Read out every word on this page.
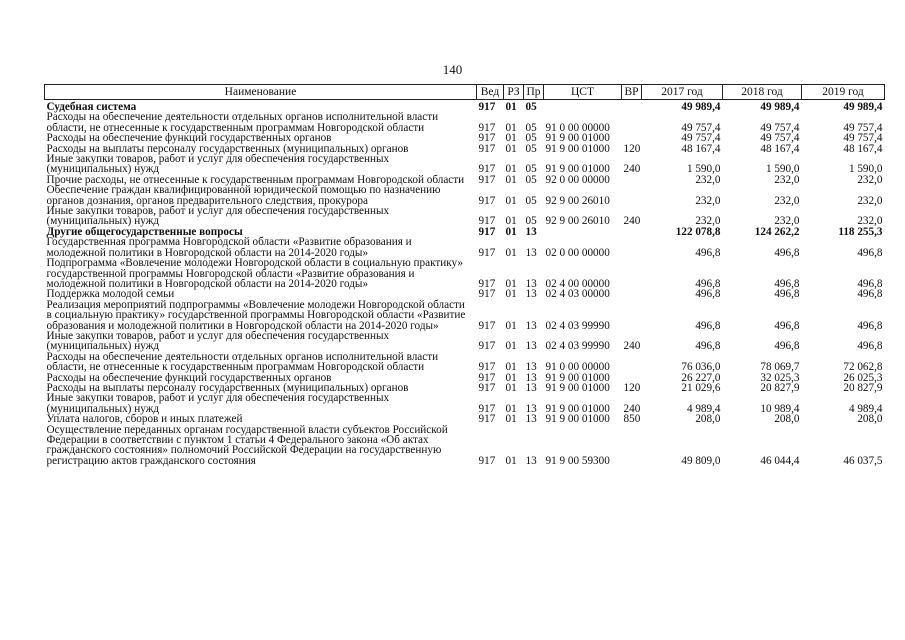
140
Наименование	Вед	РЗ	Пр	ЦСТ	ВР	2017 год	2018 год	2019 год
Судебная система	917	01	05			49 989,4	49 989,4	49 989,4
Расходы на обеспечение деятельности отдельных органов исполнительной власти области, не отнесенные к государственным программам Новгородской области	917	01	05	91 0 00 00000		49 757,4	49 757,4	49 757,4
Расходы на обеспечение функций государственных органов	917	01	05	91 9 00 01000		49 757,4	49 757,4	49 757,4
Расходы на выплаты персоналу государственных (муниципальных) органов	917	01	05	91 9 00 01000	120	48 167,4	48 167,4	48 167,4
Иные закупки товаров, работ и услуг для обеспечения государственных (муниципальных) нужд	917	01	05	91 9 00 01000	240	1 590,0	1 590,0	1 590,0
Прочие расходы, не отнесенные к государственным программам Новгородской области	917	01	05	92 0 00 00000		232,0	232,0	232,0
Обеспечение граждан квалифицированной юридической помощью по назначению органов дознания, органов предварительного следствия, прокурора	917	01	05	92 9 00 26010		232,0	232,0	232,0
Иные закупки товаров, работ и услуг для обеспечения государственных (муниципальных) нужд	917	01	05	92 9 00 26010	240	232,0	232,0	232,0
Другие общегосударственные вопросы	917	01	13			122 078,8	124 262,2	118 255,3
Государственная программа Новгородской области «Развитие образования и молодежной политики в Новгородской области на 2014-2020 годы»	917	01	13	02 0 00 00000		496,8	496,8	496,8
Подпрограмма «Вовлечение молодежи Новгородской области в социальную практику» государственной программы Новгородской области «Развитие образования и молодежной политики в Новгородской области на 2014-2020 годы»	917	01	13	02 4 00 00000		496,8	496,8	496,8
Поддержка молодой семьи	917	01	13	02 4 03 00000		496,8	496,8	496,8
Реализация мероприятий подпрограммы «Вовлечение молодежи Новгородской области в социальную практику» государственной программы Новгородской области «Развитие образования и молодежной политики в Новгородской области на 2014-2020 годы»	917	01	13	02 4 03 99990		496,8	496,8	496,8
Иные закупки товаров, работ и услуг для обеспечения государственных (муниципальных) нужд	917	01	13	02 4 03 99990	240	496,8	496,8	496,8
Расходы на обеспечение деятельности отдельных органов исполнительной власти области, не отнесенные к государственным программам Новгородской области	917	01	13	91 0 00 00000		76 036,0	78 069,7	72 062,8
Расходы на обеспечение функций государственных органов	917	01	13	91 9 00 01000		26 227,0	32 025,3	26 025,3
Расходы на выплаты персоналу государственных (муниципальных) органов	917	01	13	91 9 00 01000	120	21 029,6	20 827,9	20 827,9
Иные закупки товаров, работ и услуг для обеспечения государственных (муниципальных) нужд	917	01	13	91 9 00 01000	240	4 989,4	10 989,4	4 989,4
Уплата налогов, сборов и иных платежей	917	01	13	91 9 00 01000	850	208,0	208,0	208,0
Осуществление переданных органам государственной власти субъектов Российской Федерации в соответствии с пунктом 1 статьи 4 Федерального закона «Об актах гражданского состояния» полномочий Российской Федерации на государственную регистрацию актов гражданского состояния	917	01	13	91 9 00 59300		49 809,0	46 044,4	46 037,5
